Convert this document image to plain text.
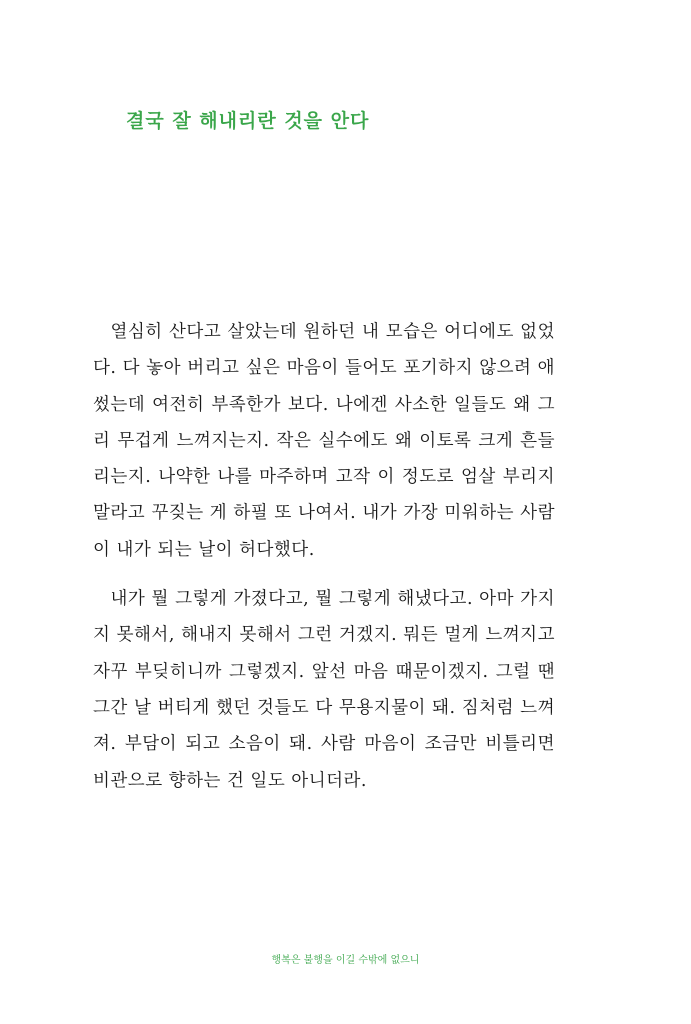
결국 잘 해내리란 것을 안다

열심히 산다고 살았는데 원하던 내 모습은 어디에도 없었다. 다 놓아 버리고 싶은 마음이 들어도 포기하지 않으려 애썼는데 여전히 부족한가 보다. 나에겐 사소한 일들도 왜 그리 무겁게 느껴지는지. 작은 실수에도 왜 이토록 크게 흔들리는지. 나약한 나를 마주하며 고작 이 정도로 엄살 부리지 말라고 꾸짖는 게 하필 또 나여서. 내가 가장 미워하는 사람이 내가 되는 날이 허다했다.

내가 뭘 그렇게 가졌다고, 뭘 그렇게 해냈다고. 아마 가지지 못해서, 해내지 못해서 그런 거겠지. 뭐든 멀게 느껴지고 자꾸 부딪히니까 그렇겠지. 앞선 마음 때문이겠지. 그럴 땐 그간 날 버티게 했던 것들도 다 무용지물이 돼. 짐처럼 느껴져. 부담이 되고 소음이 돼. 사람 마음이 조금만 비틀리면 비관으로 향하는 건 일도 아니더라.

행복은 불행을 이길 수밖에 없으니
